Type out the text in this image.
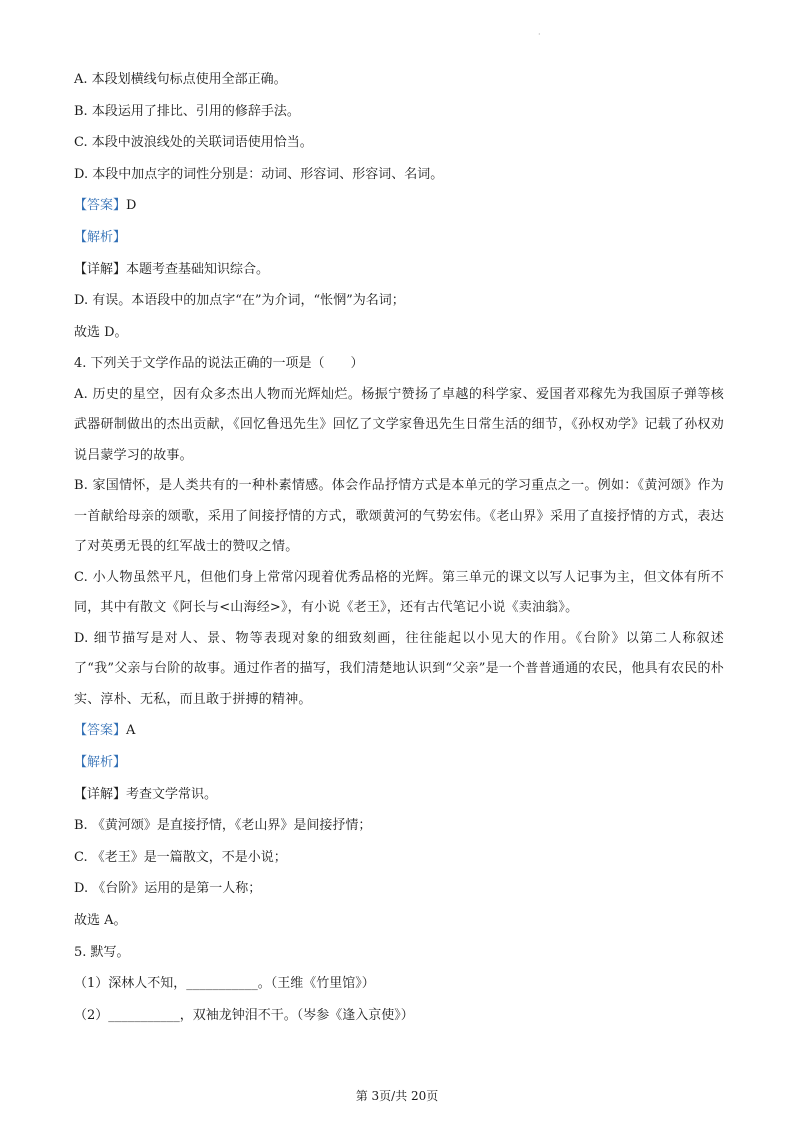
·

A. 本段划横线句标点使用全部正确。

B. 本段运用了排比、引用的修辞手法。

C. 本段中波浪线处的关联词语使用恰当。

D. 本段中加点字的词性分别是：动词、形容词、形容词、名词。

【答案】D

【解析】

【详解】本题考查基础知识综合。

D. 有误。本语段中的加点字“在”为介词，“怅惘”为名词；

故选 D。

4. 下列关于文学作品的说法正确的一项是（　　）

A. 历史的星空，因有众多杰出人物而光辉灿烂。杨振宁赞扬了卓越的科学家、爱国者邓稼先为我国原子弹等核武器研制做出的杰出贡献，《回忆鲁迅先生》回忆了文学家鲁迅先生日常生活的细节，《孙权劝学》记载了孙权劝说吕蒙学习的故事。

B. 家国情怀，是人类共有的一种朴素情感。体会作品抒情方式是本单元的学习重点之一。例如：《黄河颂》作为一首献给母亲的颂歌，采用了间接抒情的方式，歌颂黄河的气势宏伟。《老山界》采用了直接抒情的方式，表达了对英勇无畏的红军战士的赞叹之情。

C. 小人物虽然平凡，但他们身上常常闪现着优秀品格的光辉。第三单元的课文以写人记事为主，但文体有所不同，其中有散文《阿长与<山海经>》，有小说《老王》，还有古代笔记小说《卖油翁》。

D. 细节描写是对人、景、物等表现对象的细致刻画，往往能起以小见大的作用。《台阶》以第二人称叙述了“我”父亲与台阶的故事。通过作者的描写，我们清楚地认识到“父亲”是一个普普通通的农民，他具有农民的朴实、淳朴、无私，而且敢于拼搏的精神。

【答案】A

【解析】

【详解】考查文学常识。

B. 《黄河颂》是直接抒情，《老山界》是间接抒情；

C. 《老王》是一篇散文，不是小说；

D. 《台阶》运用的是第一人称；

故选 A。

5. 默写。

（1）深林人不知，___________。（王维《竹里馆》）

（2）___________，双袖龙钟泪不干。（岑参《逢入京使》）

第 3页/共 20页
